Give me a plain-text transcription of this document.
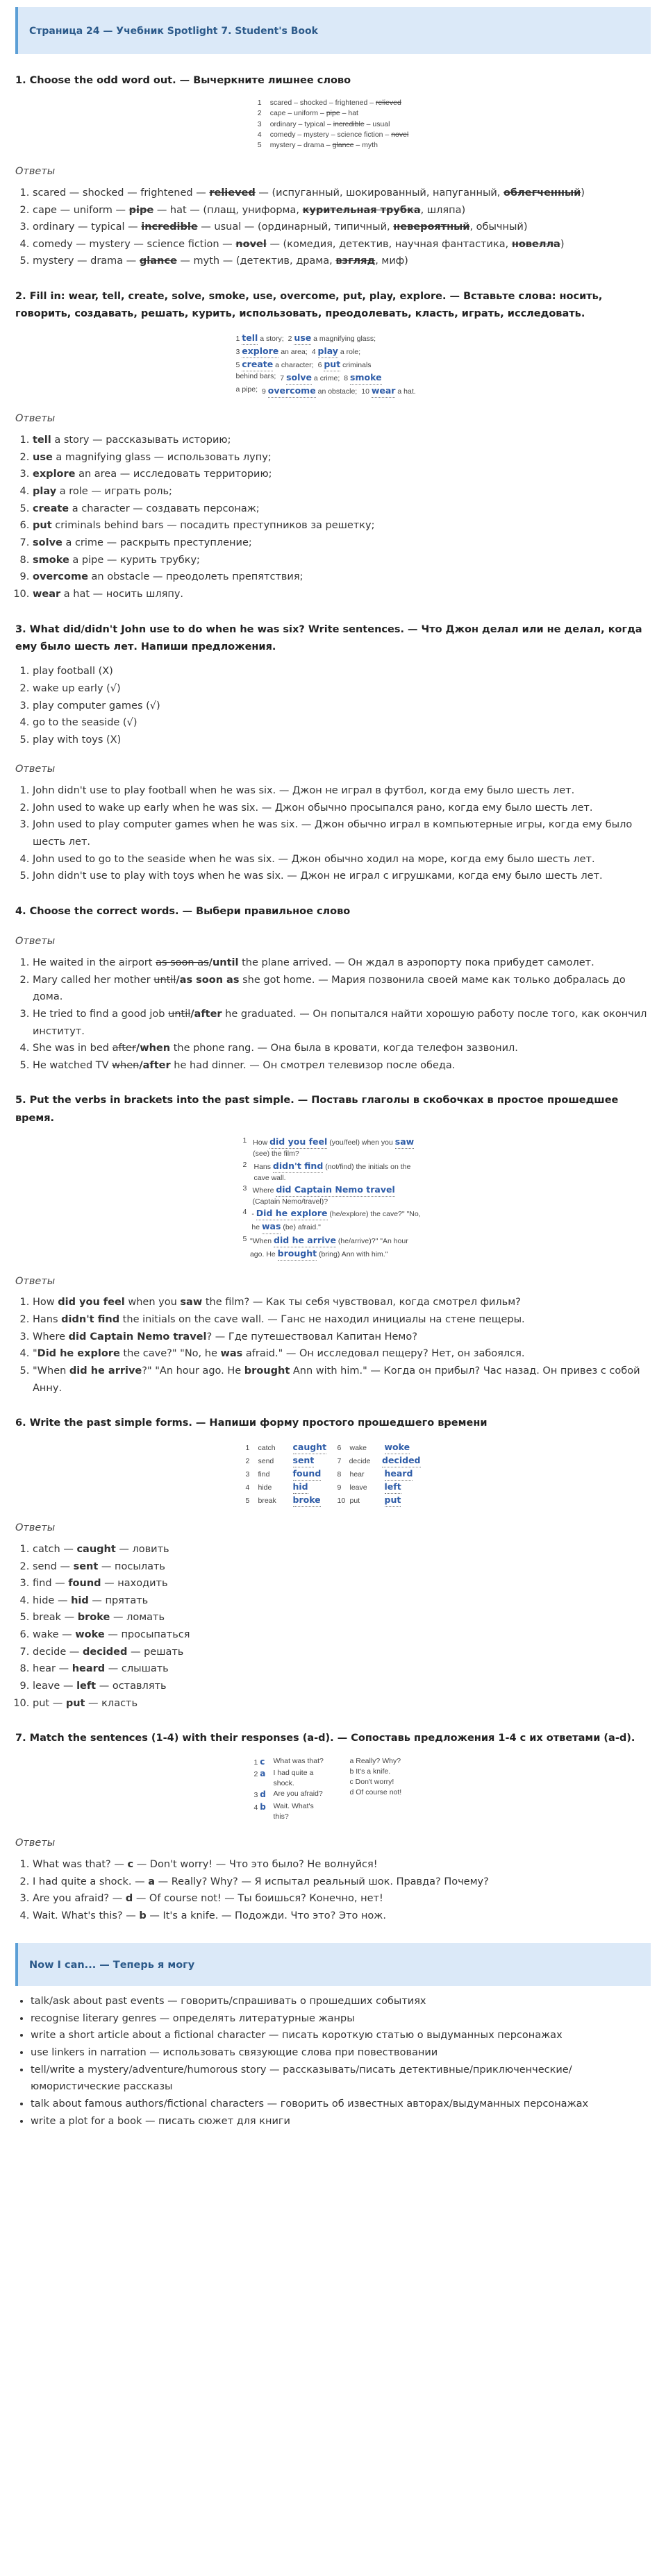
Страница 24 — Учебник Spotlight 7. Student's Book
1. Choose the odd word out. — Вычеркните лишнее слово
1	scared – shocked – frightened – relieved
2	cape – uniform – pipe – hat
3	ordinary – typical – incredible – usual
4	comedy – mystery – science fiction – novel
5	mystery – drama – glance – myth
Ответы
1. scared — shocked — frightened — relieved — (испуганный, шокированный, напуганный, облегченный)
2. cape — uniform — pipe — hat — (плащ, униформа, курительная трубка, шляпа)
3. ordinary — typical — incredible — usual — (ординарный, типичный, невероятный, обычный)
4. comedy — mystery — science fiction — novel — (комедия, детектив, научная фантастика, новелла)
5. mystery — drama — glance — myth — (детектив, драма, взгляд, миф)
2. Fill in: wear, tell, create, solve, smoke, use, overcome, put, play, explore. — Вставьте слова: носить, говорить, создавать, решать, курить, использовать, преодолевать, класть, играть, исследовать.
1 tell a story; 2 use a magnifying glass;
3 explore an area; 4 play a role;
5 create a character; 6 put criminals
behind bars; 7 solve a crime; 8 smoke
a pipe; 9 overcome an obstacle; 10 wear a hat.
Ответы
1. tell a story — рассказывать историю;
2. use a magnifying glass — использовать лупу;
3. explore an area — исследовать территорию;
4. play a role — играть роль;
5. create a character — создавать персонаж;
6. put criminals behind bars — посадить преступников за решетку;
7. solve a crime — раскрыть преступление;
8. smoke a pipe — курить трубку;
9. overcome an obstacle — преодолеть препятствия;
10. wear a hat — носить шляпу.
3. What did/didn't John use to do when he was six? Write sentences. — Что Джон делал или не делал, когда ему было шесть лет. Напиши предложения.
1. play football (X)
2. wake up early (√)
3. play computer games (√)
4. go to the seaside (√)
5. play with toys (X)
Ответы
1. John didn't use to play football when he was six. — Джон не играл в футбол, когда ему было шесть лет.
2. John used to wake up early when he was six. — Джон обычно просыпался рано, когда ему было шесть лет.
3. John used to play computer games when he was six. — Джон обычно играл в компьютерные игры, когда ему было шесть лет.
4. John used to go to the seaside when he was six. — Джон обычно ходил на море, когда ему было шесть лет.
5. John didn't use to play with toys when he was six. — Джон не играл с игрушками, когда ему было шесть лет.
4. Choose the correct words. — Выбери правильное слово
Ответы
1. He waited in the airport as soon as/until the plane arrived. — Он ждал в аэропорту пока прибудет самолет.
2. Mary called her mother until/as soon as she got home. — Мария позвонила своей маме как только добралась до дома.
3. He tried to find a good job until/after he graduated. — Он попытался найти хорошую работу после того, как окончил институт.
4. She was in bed after/when the phone rang. — Она была в кровати, когда телефон зазвонил.
5. He watched TV when/after he had dinner. — Он смотрел телевизор после обеда.
5. Put the verbs in brackets into the past simple. — Поставь глаголы в скобочках в простое прошедшее время.
1 How did you feel (you/feel) when you saw (see) the film?
2 Hans didn't find (not/find) the initials on the cave wall.
3 Where did Captain Nemo travel (Captain Nemo/travel)?
4 - Did he explore (he/explore) the cave?" "No, he was (be) afraid."
5 "When did he arrive (he/arrive)?" "An hour ago. He brought (bring) Ann with him."
Ответы
1. How did you feel when you saw the film? — Как ты себя чувствовал, когда смотрел фильм?
2. Hans didn't find the initials on the cave wall. — Ганс не находил инициалы на стене пещеры.
3. Where did Captain Nemo travel? — Где путешествовал Капитан Немо?
4. "Did he explore the cave?" "No, he was afraid." — Он исследовал пещеру? Нет, он забоялся.
5. "When did he arrive?" "An hour ago. He brought Ann with him." — Когда он прибыл? Час назад. Он привез с собой Анну.
6. Write the past simple forms. — Напиши форму простого прошедшего времени
1	catch	caught 6	wake	woke
2	send	sent	7	decide	decided
3	find	found 8	hear	heard
4	hide	hid	9	leave	left
5	break	broke 10 put	put
Ответы
1. catch — caught — ловить
2. send — sent — посылать
3. find — found — находить
4. hide — hid — прятать
5. break — broke — ломать
6. wake — woke — просыпаться
7. decide — decided — решать
8. hear — heard — слышать
9. leave — left — оставлять
10. put — put — класть
7. Match the sentences (1-4) with their responses (a-d). — Сопоставь предложения 1-4 с их ответами (a-d).
1 c	What was that?
2 a	I had quite a shock.
3 d	Are you afraid?
4 b	Wait. What's this?
a Really? Why?
b It's a knife.
c Don't worry!
d Of course not!
Ответы
1. What was that? — c — Don't worry! — Что это было? Не волнуйся!
2. I had quite a shock. — a — Really? Why? — Я испытал реальный шок. Правда? Почему?
3. Are you afraid? — d — Of course not! — Ты боишься? Конечно, нет!
4. Wait. What's this? — b — It's a knife. — Подожди. Что это? Это нож.
Now I can... — Теперь я могу
• talk/ask about past events — говорить/спрашивать о прошедших событиях
• recognise literary genres — определять литературные жанры
• write a short article about a fictional character — писать короткую статью о выдуманных персонажах
• use linkers in narration — использовать связующие слова при повествовании
• tell/write a mystery/adventure/humorous story — рассказывать/писать детективные/приключенческие/юмористические рассказы
• talk about famous authors/fictional characters — говорить об известных авторах/выдуманных персонажах
• write a plot for a book — писать сюжет для книги
